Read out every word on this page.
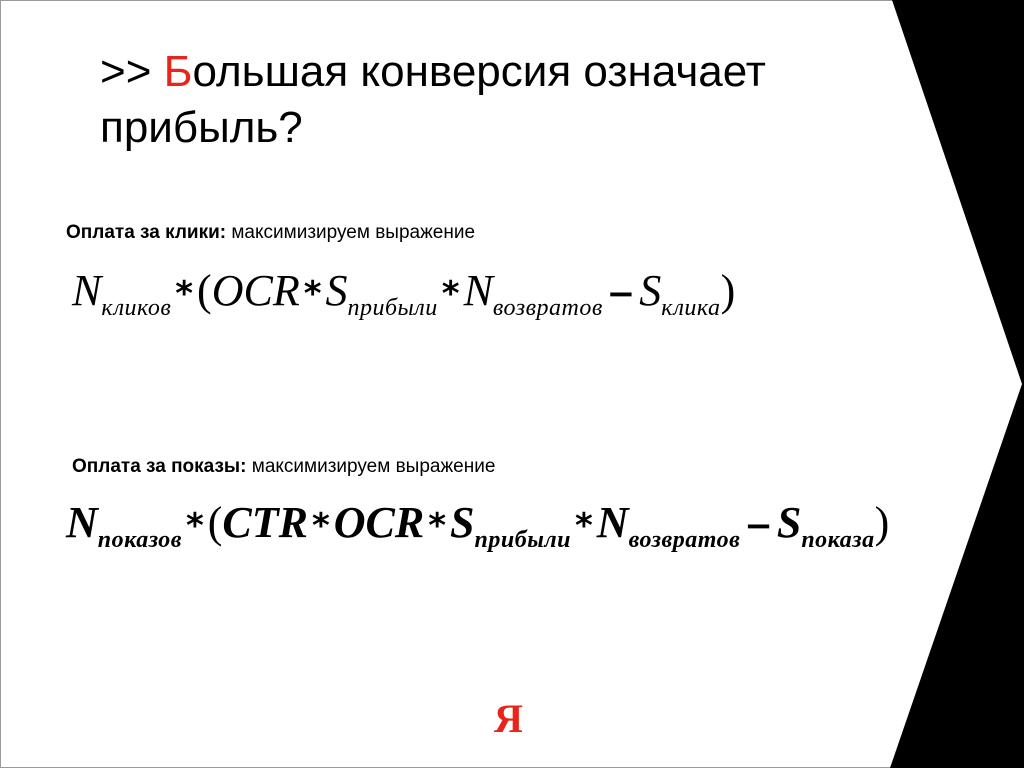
>> Большая конверсия означает прибыль?
Оплата за клики: максимизируем выражение
$N_{кликов}$ *(OCR $*S_{прибыли}$ $*N_{возвратов} -S_{клика}$)
Оплата за показы: максимизируем выражение
$N_{показов}$ *(CTR *OCR $*S_{прибыли}$ $*N_{возвратов} -S_{показа}$)
Я
